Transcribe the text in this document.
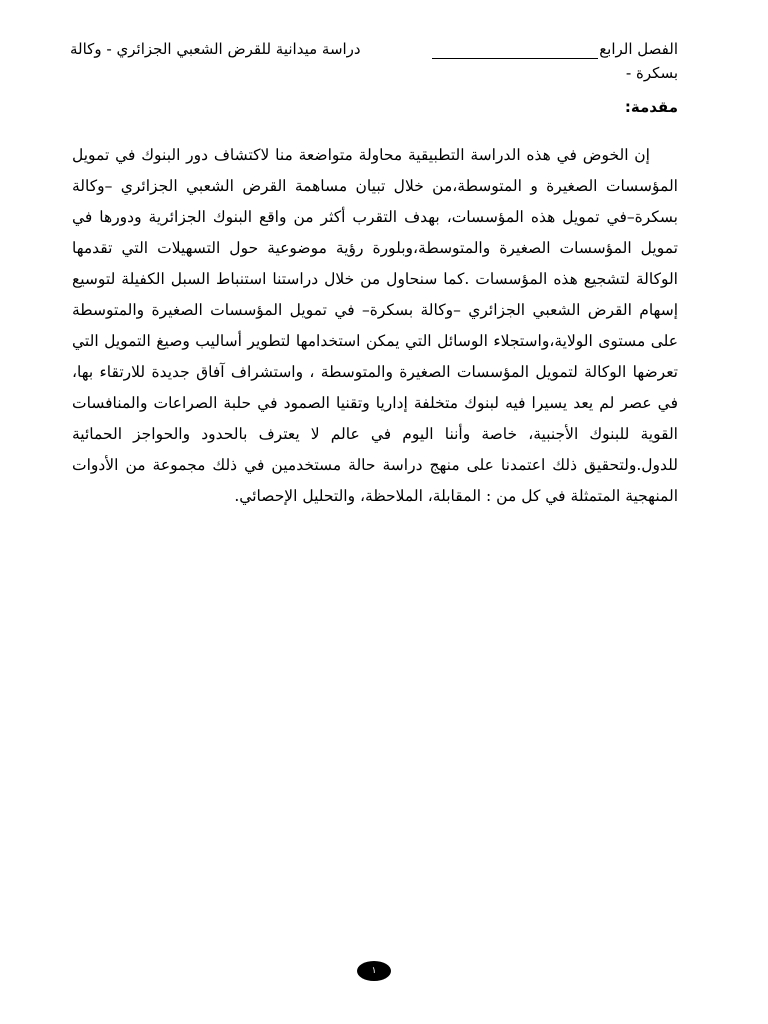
الفصل الرابع
دراسة ميدانية للقرض الشعبي الجزائري - وكالة
بسكرة -
مقدمة:

إن الخوض في هذه الدراسة التطبيقية محاولة متواضعة منا لاكتشاف دور البنوك في تمويل المؤسسات الصغيرة و المتوسطة،من خلال تبيان مساهمة القرض الشعبي الجزائري –وكالة بسكرة–في تمويل هذه المؤسسات، بهدف التقرب أكثر من واقع البنوك الجزائرية ودورها في تمويل المؤسسات الصغيرة والمتوسطة،وبلورة رؤية موضوعية حول التسهيلات التي تقدمها الوكالة لتشجيع هذه المؤسسات .كما سنحاول من خلال دراستنا استنباط السبل الكفيلة لتوسيع إسهام القرض الشعبي الجزائري –وكالة بسكرة– في تمويل المؤسسات الصغيرة والمتوسطة على مستوى الولاية،واستجلاء الوسائل التي يمكن استخدامها لتطوير أساليب وصيغ التمويل التي تعرضها الوكالة لتمويل المؤسسات الصغيرة والمتوسطة ، واستشراف آفاق جديدة للارتقاء بها، في عصر لم يعد يسيرا فيه لبنوك متخلفة إداريا وتقنيا الصمود في حلبة الصراعات والمنافسات القوية للبنوك الأجنبية، خاصة وأننا اليوم في عالم لا يعترف بالحدود والحواجز الحمائية للدول.ولتحقيق ذلك اعتمدنا على منهج دراسة حالة مستخدمين في ذلك مجموعة من الأدوات المنهجية المتمثلة في كل من : المقابلة، الملاحظة، والتحليل الإحصائي.

١
